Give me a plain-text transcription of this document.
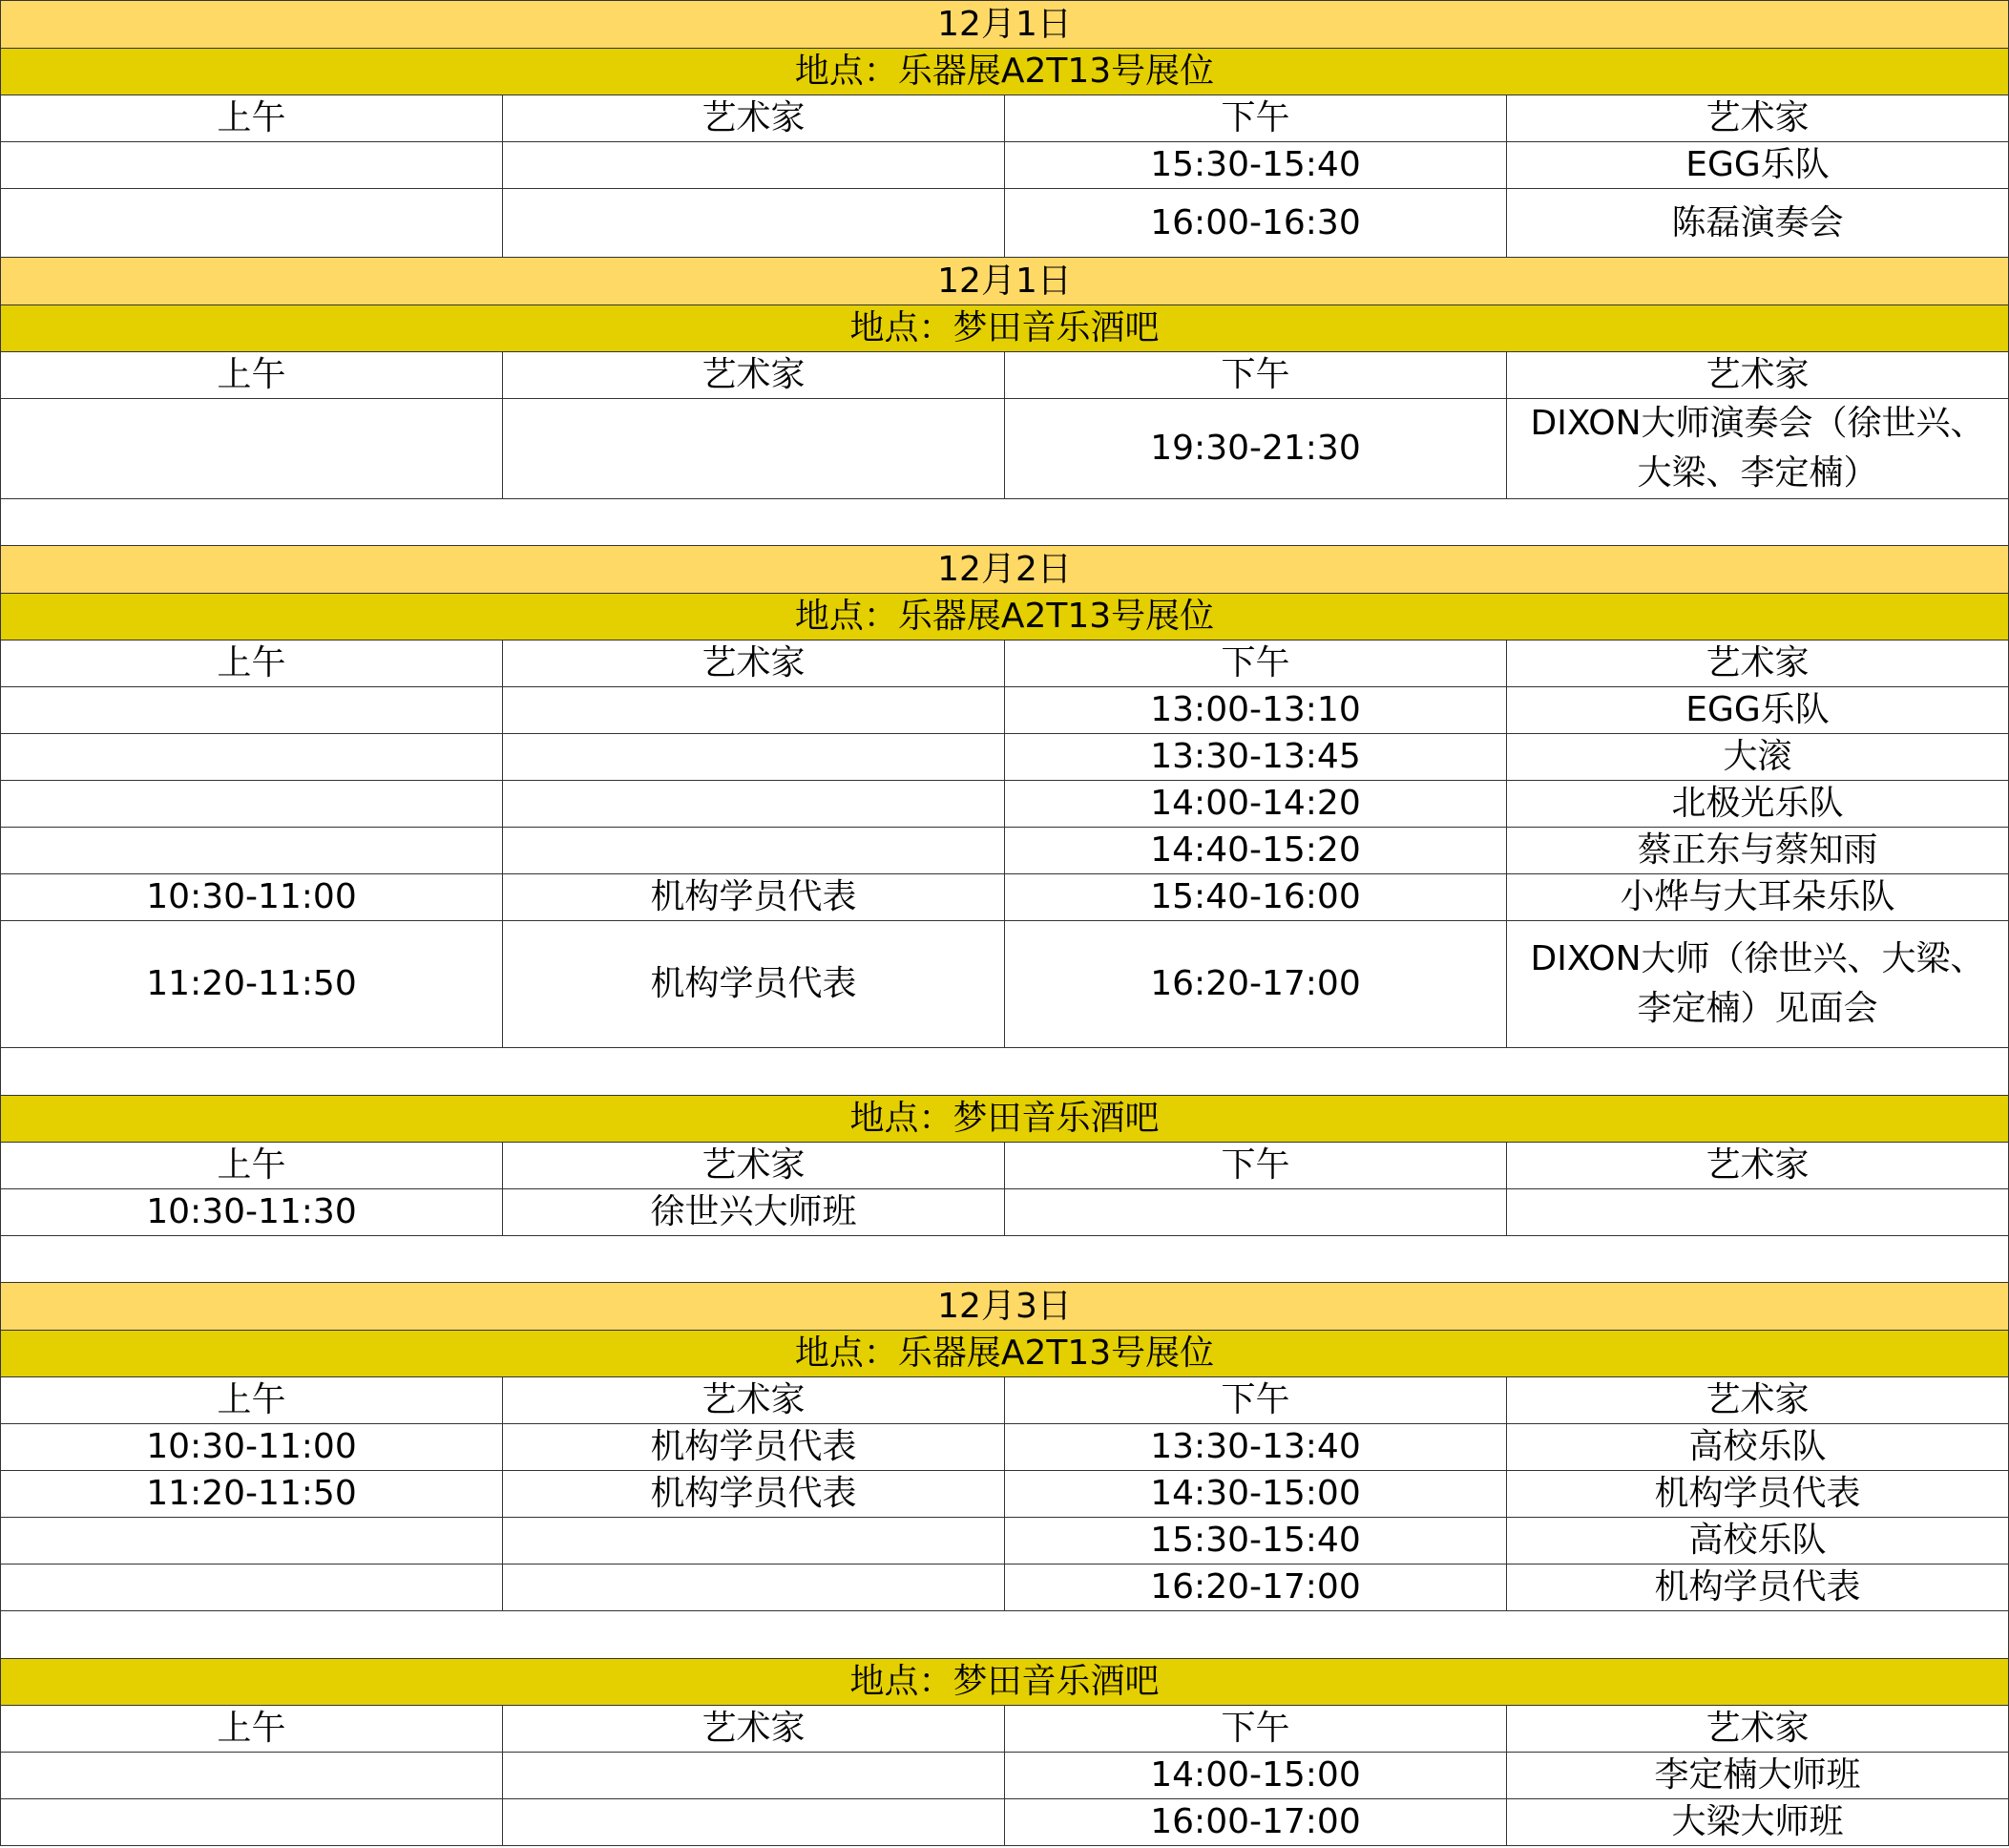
12月1日			
地点：乐器展A2T13号展位			
上午	艺术家	下午	艺术家
		15:30-15:40	EGG乐队
		16:00-16:30	陈磊演奏会
12月1日			
地点：梦田音乐酒吧			
上午	艺术家	下午	艺术家
		19:30-21:30	DIXON大师演奏会（徐世兴、大梁、李定楠）

12月2日			
地点：乐器展A2T13号展位			
上午	艺术家	下午	艺术家
		13:00-13:10	EGG乐队
		13:30-13:45	大滚
		14:00-14:20	北极光乐队
		14:40-15:20	蔡正东与蔡知雨
10:30-11:00	机构学员代表	15:40-16:00	小烨与大耳朵乐队
11:20-11:50	机构学员代表	16:20-17:00	DIXON大师（徐世兴、大梁、李定楠）见面会

地点：梦田音乐酒吧			
上午	艺术家	下午	艺术家
10:30-11:30	徐世兴大师班		

12月3日			
地点：乐器展A2T13号展位			
上午	艺术家	下午	艺术家
10:30-11:00	机构学员代表	13:30-13:40	高校乐队
11:20-11:50	机构学员代表	14:30-15:00	机构学员代表
		15:30-15:40	高校乐队
		16:20-17:00	机构学员代表

地点：梦田音乐酒吧			
上午	艺术家	下午	艺术家
		14:00-15:00	李定楠大师班
		16:00-17:00	大梁大师班
